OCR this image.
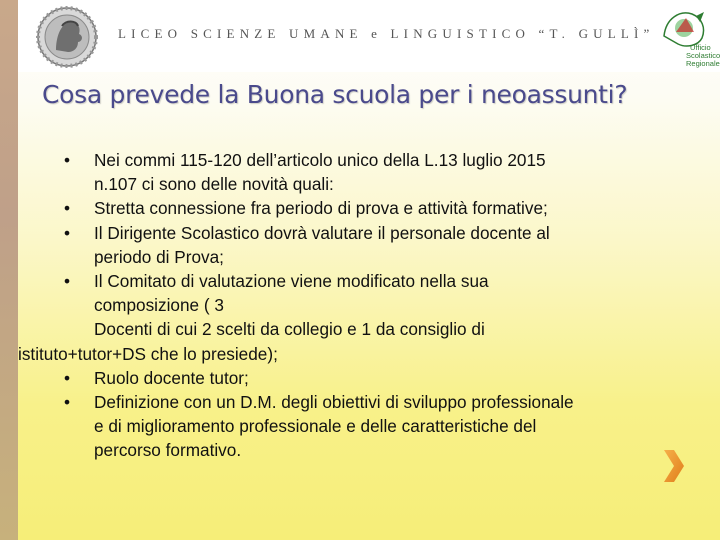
LICEO SCIENZE UMANE e LINGUISTICO “T. GULLÌ”
Ufficio
Scolastico
Regionale
Cosa prevede la Buona scuola per i neoassunti?
• Nei commi 115-120 dell’articolo unico della L.13 luglio 2015
n.107 ci sono delle novità quali:
• Stretta connessione fra periodo di prova e attività formative;
• Il Dirigente Scolastico dovrà valutare il personale docente al
periodo di Prova;
• Il Comitato di valutazione viene modificato nella sua
composizione ( 3
Docenti di cui 2 scelti da collegio e 1 da consiglio di
istituto+tutor+DS che lo presiede);
• Ruolo docente tutor;
• Definizione con un D.M. degli obiettivi di sviluppo professionale
e di miglioramento professionale e delle caratteristiche del
percorso formativo.
